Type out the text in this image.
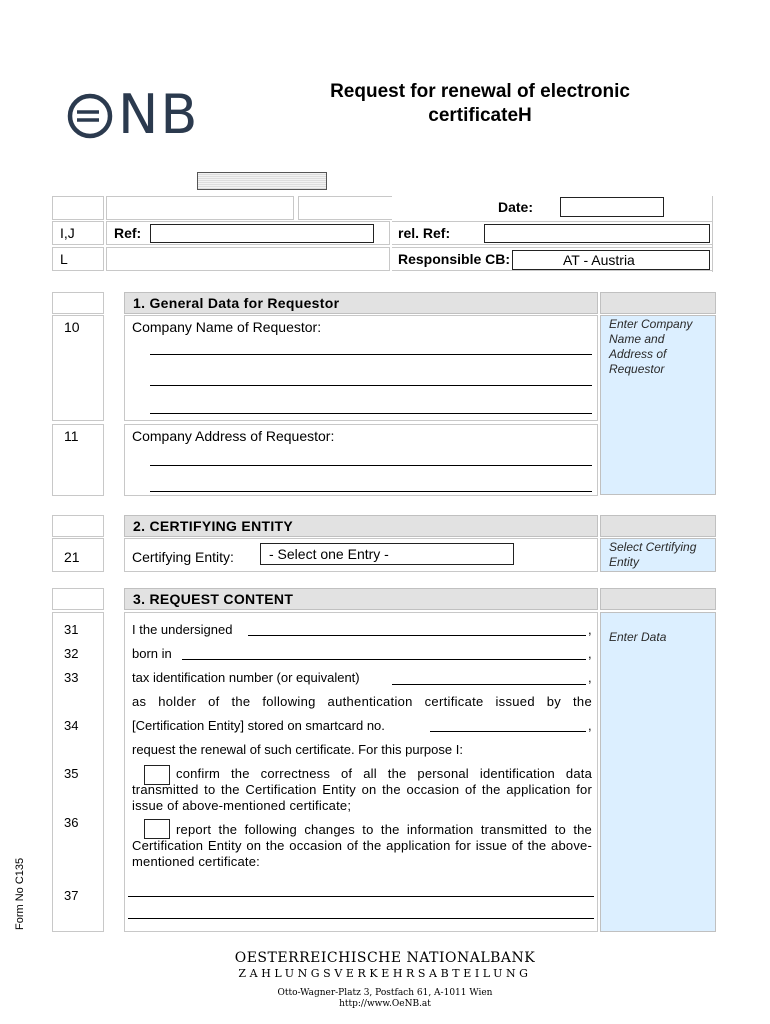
NB	Request for renewal of electronic
certificateH
Date:
I,J	Ref:	rel. Ref:
L	Responsible CB:	AT - Austria
1. General Data for Requestor
Enter Company Name and Address of Requestor
10	Company Name of Requestor:
11	Company Address of Requestor:
2. CERTIFYING ENTITY
21	Certifying Entity:	- Select one Entry -	Select Certifying Entity
3. REQUEST CONTENT
Enter Data
31	I the undersigned	,
32	born in	,
33	tax identification number (or equivalent)	,
as holder of the following authentication certificate issued by the
34	[Certification Entity] stored on smartcard no.	,
request the renewal of such certificate. For this purpose I:
35	confirm the correctness of all the personal identification data transmitted to the Certification Entity on the occasion of the application for issue of above-mentioned certificate;
36	report the following changes to the information transmitted to the Certification Entity on the occasion of the application for issue of the above-mentioned certificate:
37
Form No C135
OESTERREICHISCHE NATIONALBANK
ZAHLUNGSVERKEHRSABTEILUNG
Otto-Wagner-Platz 3, Postfach 61, A-1011 Wien
http://www.OeNB.at
